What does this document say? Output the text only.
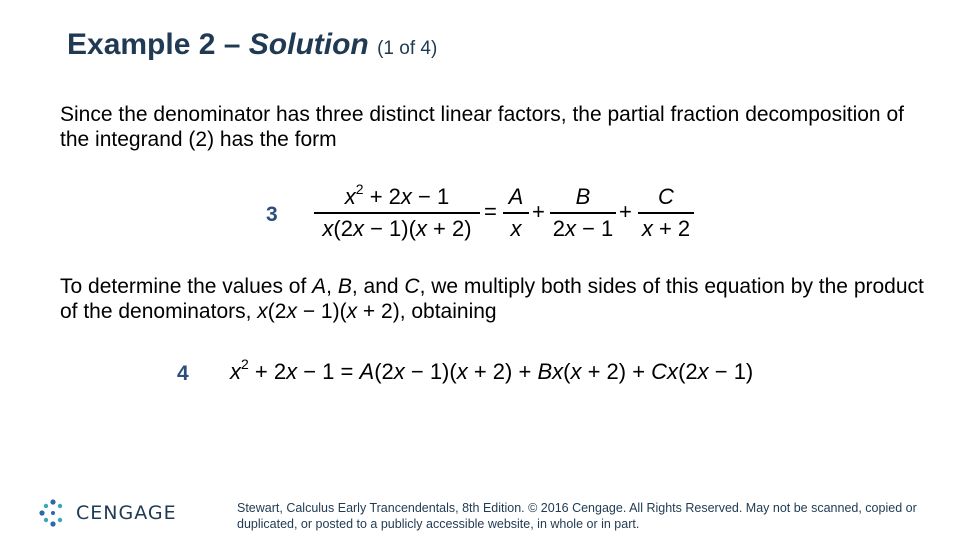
Example 2 – Solution (1 of 4)
Since the denominator has three distinct linear factors, the partial fraction decomposition of the integrand (2) has the form
3
$x^2 + 2x - 1$
x(2x − 1)(x + 2)
=
A
x
+
B
2x − 1
+
C
x + 2
To determine the values of A, B, and C, we multiply both sides of this equation by the product of the denominators, x(2x − 1)(x + 2), obtaining
4 $x^2 + 2x - 1 = A(2x - 1)(x + 2) + Bx(x + 2) + Cx(2x - 1)$
CENGAGE	Stewart, Calculus Early Trancendentals, 8th Edition. © 2016 Cengage. All Rights Reserved. May not be scanned, copied or duplicated, or posted to a publicly accessible website, in whole or in part.
